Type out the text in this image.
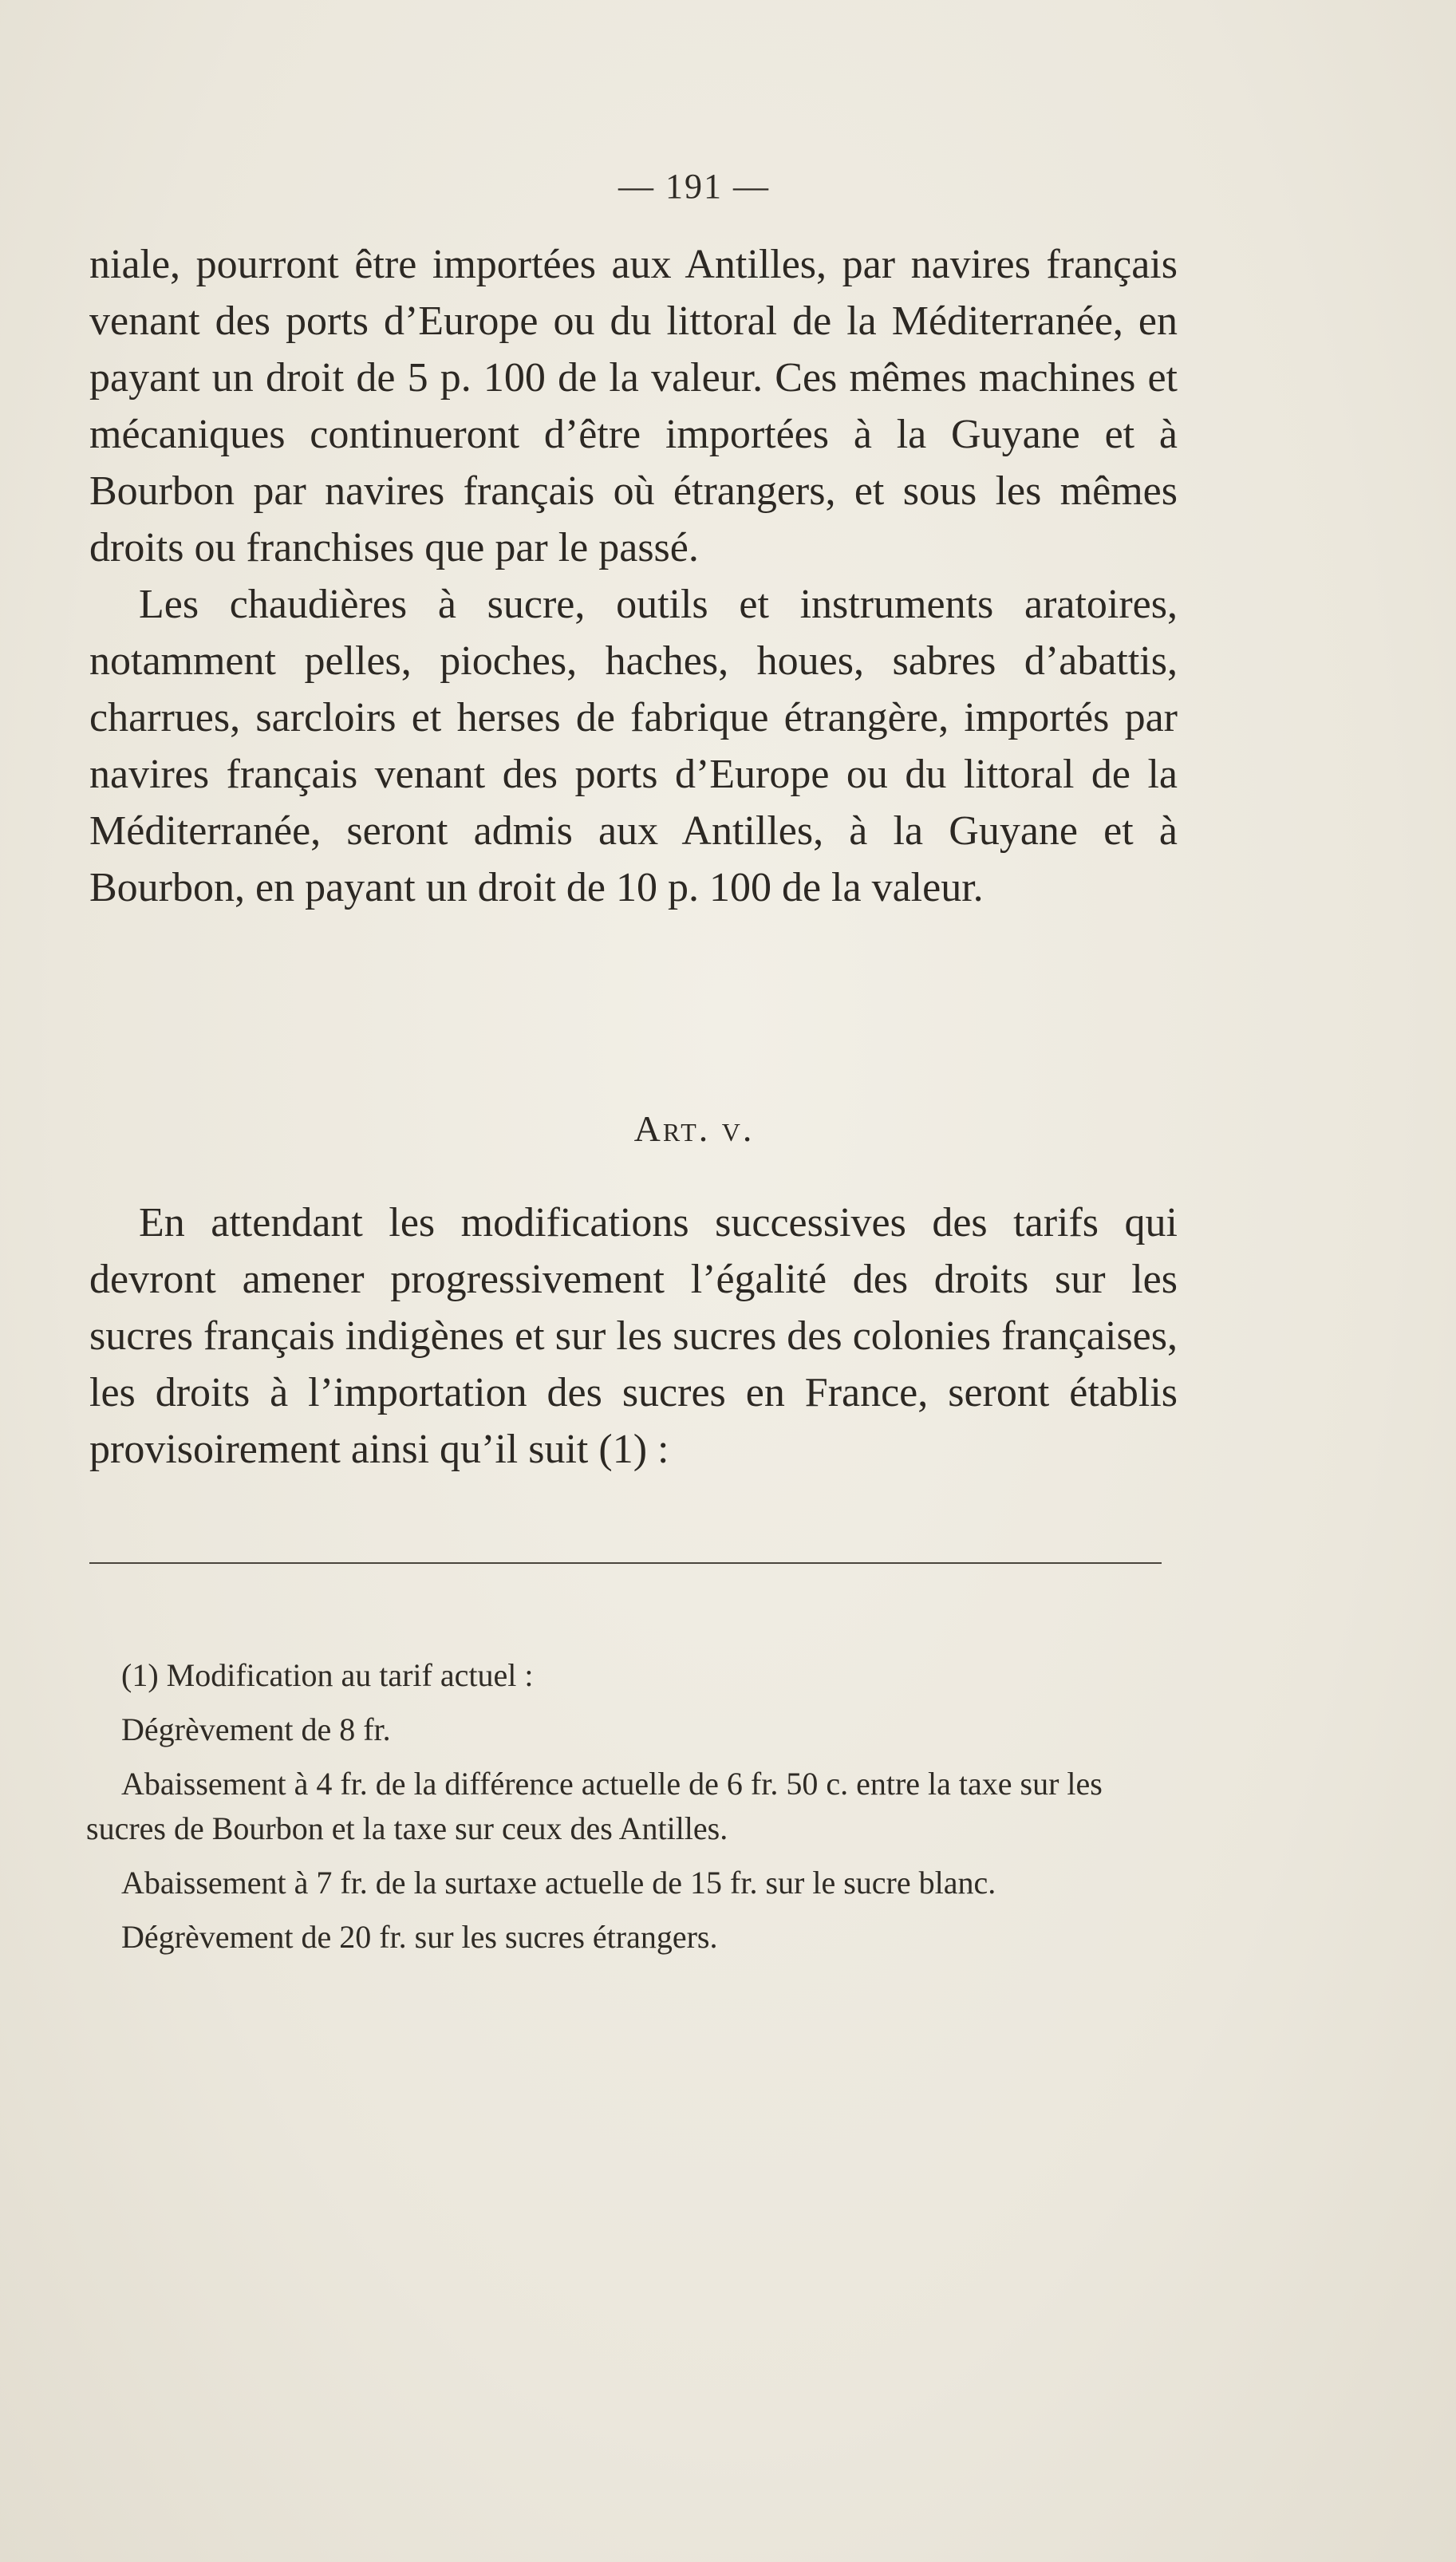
— 191 —

niale, pourront être importées aux Antilles, par navires français venant des ports d’Europe ou du littoral de la Méditerranée, en payant un droit de 5 p. 100 de la valeur. Ces mêmes machines et mécaniques continueront d’être importées à la Guyane et à Bourbon par navires français où étrangers, et sous les mêmes droits ou franchises que par le passé.

Les chaudières à sucre, outils et instruments aratoires, notamment pelles, pioches, haches, houes, sabres d’abattis, charrues, sarcloirs et herses de fabrique étrangère, importés par navires français venant des ports d’Europe ou du littoral de la Méditerranée, seront admis aux Antilles, à la Guyane et à Bourbon, en payant un droit de 10 p. 100 de la valeur.

Art. v.

En attendant les modifications successives des tarifs qui devront amener progressivement l’égalité des droits sur les sucres français indigènes et sur les sucres des colonies françaises, les droits à l’importation des sucres en France, seront établis provisoirement ainsi qu’il suit (1) :

(1) Modification au tarif actuel :

Dégrèvement de 8 fr.

Abaissement à 4 fr. de la différence actuelle de 6 fr. 50 c. entre la taxe sur les sucres de Bourbon et la taxe sur ceux des Antilles.

Abaissement à 7 fr. de la surtaxe actuelle de 15 fr. sur le sucre blanc.

Dégrèvement de 20 fr. sur les sucres étrangers.
